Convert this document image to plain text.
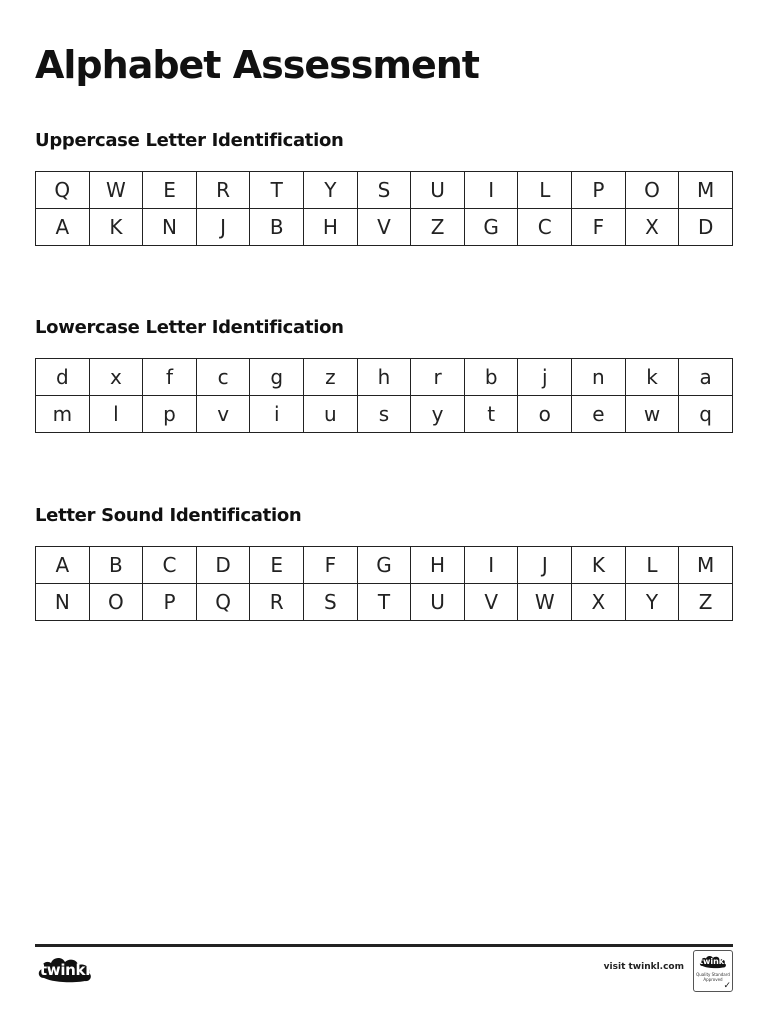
Alphabet Assessment
Uppercase Letter Identification
Q	W	E	R	T	Y	S	U	I	L	P	O	M
A	K	N	J	B	H	V	Z	G	C	F	X	D
Lowercase Letter Identification
d	x	f	c	g	z	h	r	b	j	n	k	a
m	l	p	v	i	u	s	y	t	o	e	w	q
Letter Sound Identification
A	B	C	D	E	F	G	H	I	J	K	L	M
N	O	P	Q	R	S	T	U	V	W	X	Y	Z
twinkl	visit twinkl.com
twinkl
Quality Standard
Approved
✓
